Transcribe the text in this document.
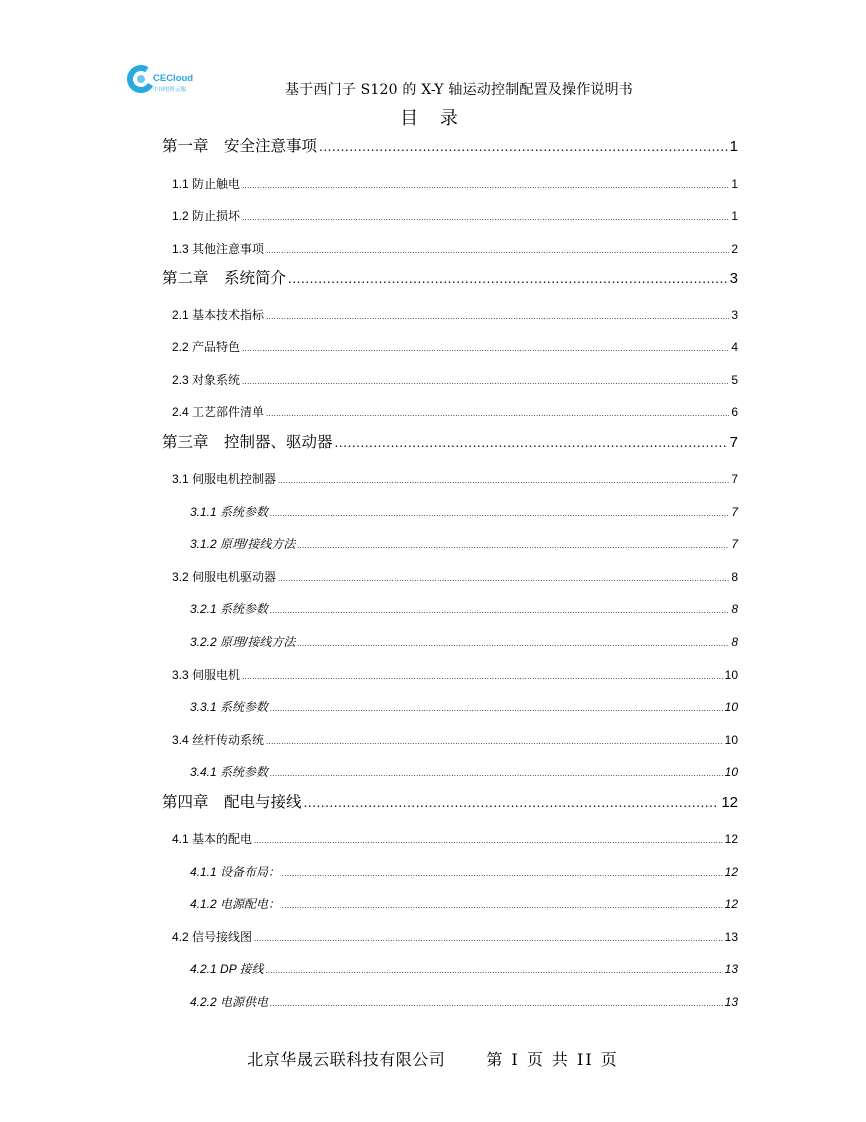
CECloud
中国电科云服	基于西门子 S120 的 X-Y 轴运动控制配置及操作说明书
目 录
第一章　安全注意事项 .....	1
1.1 防止触电 .....	1
1.2 防止损坏 .....	1
1.3 其他注意事项 .....	2
第二章　系统简介 .....	3
2.1 基本技术指标 .....	3
2.2 产品特色 .....	4
2.3 对象系统 .....	5
2.4 工艺部件清单 .....	6
第三章　控制器、驱动器 .....	7
3.1 伺服电机控制器 .....	7
3.1.1 系统参数 .....	7
3.1.2 原理/接线方法 .....	7
3.2 伺服电机驱动器 .....	8
3.2.1 系统参数 .....	8
3.2.2 原理/接线方法 .....	8
3.3 伺服电机 .....	10
3.3.1 系统参数 .....	10
3.4 丝杆传动系统 .....	10
3.4.1 系统参数 .....	10
第四章　配电与接线 .....	12
4.1 基本的配电 .....	12
4.1.1 设备布局： .....	12
4.1.2 电源配电： .....	12
4.2 信号接线图 .....	13
4.2.1 DP 接线 .....	13
4.2.2 电源供电 .....	13
北京华晟云联科技有限公司	第 I 页 共 II 页
